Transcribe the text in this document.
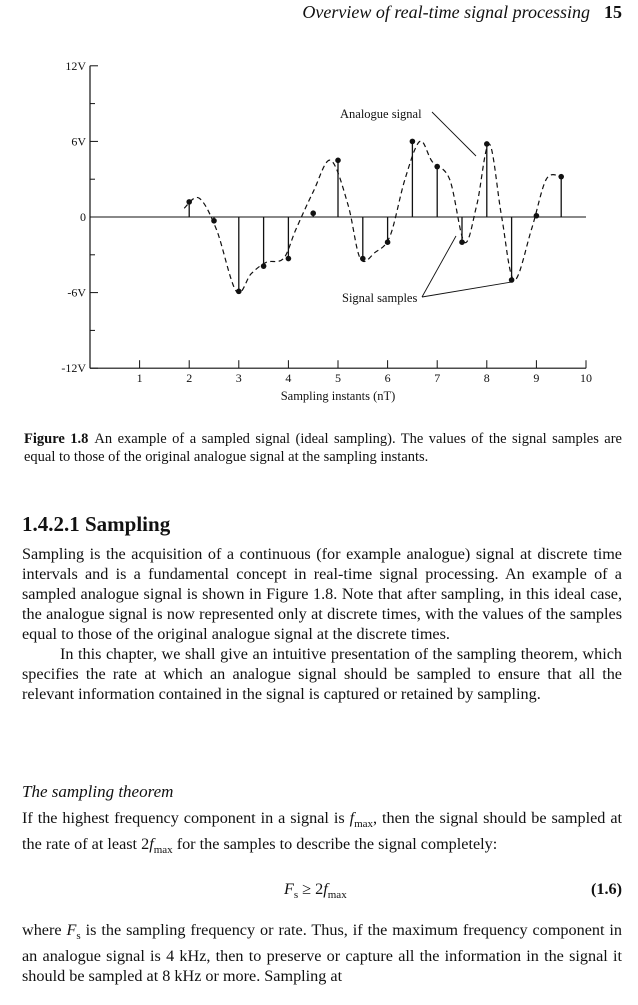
Overview of real-time signal processing 15
12V
6V
0
-6V
-12V
1	2	3	4	5	6	7	8	9	10
Sampling instants (nT)
Analogue signal
Signal samples
Figure 1.8 An example of a sampled signal (ideal sampling). The values of the signal samples are equal to those of the original analogue signal at the sampling instants.
1.4.2.1 Sampling

Sampling is the acquisition of a continuous (for example analogue) signal at discrete time intervals and is a fundamental concept in real-time signal processing. An example of a sampled analogue signal is shown in Figure 1.8. Note that after sampling, in this ideal case, the analogue signal is now represented only at discrete times, with the values of the samples equal to those of the original analogue signal at the discrete times.

In this chapter, we shall give an intuitive presentation of the sampling theorem, which specifies the rate at which an analogue signal should be sampled to ensure that all the relevant information contained in the signal is captured or retained by sampling.

The sampling theorem

If the highest frequency component in a signal is $f_{max}$, then the signal should be sampled at the rate of at least $2f_{max}$ for the samples to describe the signal completely:

$F_s \ge 2f_{max}$	(1.6)

where $F_s$ is the sampling frequency or rate. Thus, if the maximum frequency component in an analogue signal is 4 kHz, then to preserve or capture all the information in the signal it should be sampled at 8 kHz or more. Sampling at
